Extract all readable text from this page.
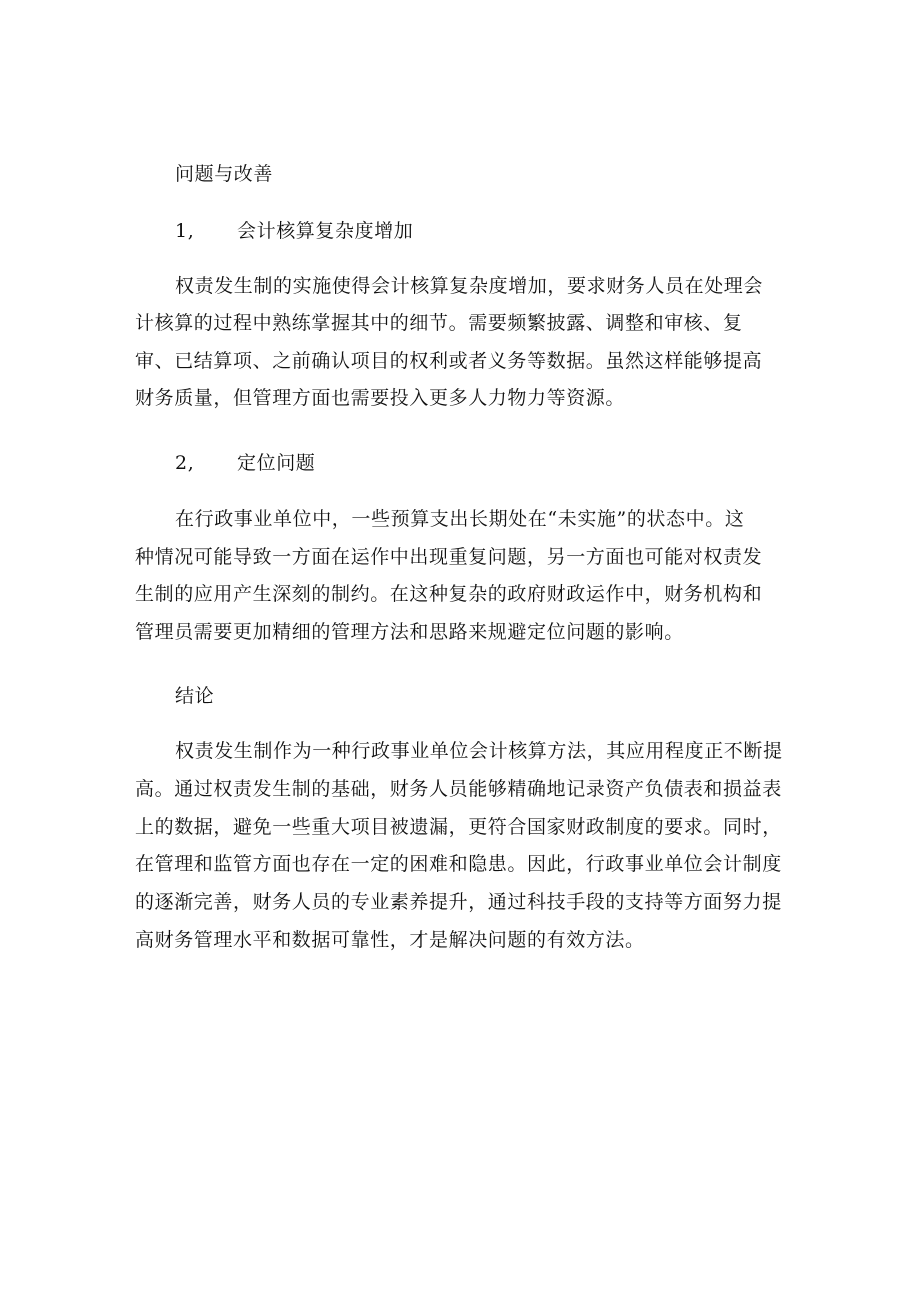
问题与改善
1, 会计核算复杂度增加
权责发生制的实施使得会计核算复杂度增加，要求财务人员在处理会
计核算的过程中熟练掌握其中的细节。需要频繁披露、调整和审核、复
审、已结算项、之前确认项目的权利或者义务等数据。虽然这样能够提高
财务质量，但管理方面也需要投入更多人力物力等资源。
2, 定位问题
在行政事业单位中，一些预算支出长期处在“未实施”的状态中。这
种情况可能导致一方面在运作中出现重复问题，另一方面也可能对权责发
生制的应用产生深刻的制约。在这种复杂的政府财政运作中，财务机构和
管理员需要更加精细的管理方法和思路来规避定位问题的影响。
结论
权责发生制作为一种行政事业单位会计核算方法，其应用程度正不断提
高。通过权责发生制的基础，财务人员能够精确地记录资产负债表和损益表
上的数据，避免一些重大项目被遗漏，更符合国家财政制度的要求。同时，
在管理和监管方面也存在一定的困难和隐患。因此，行政事业单位会计制度
的逐渐完善，财务人员的专业素养提升，通过科技手段的支持等方面努力提
高财务管理水平和数据可靠性，才是解决问题的有效方法。
